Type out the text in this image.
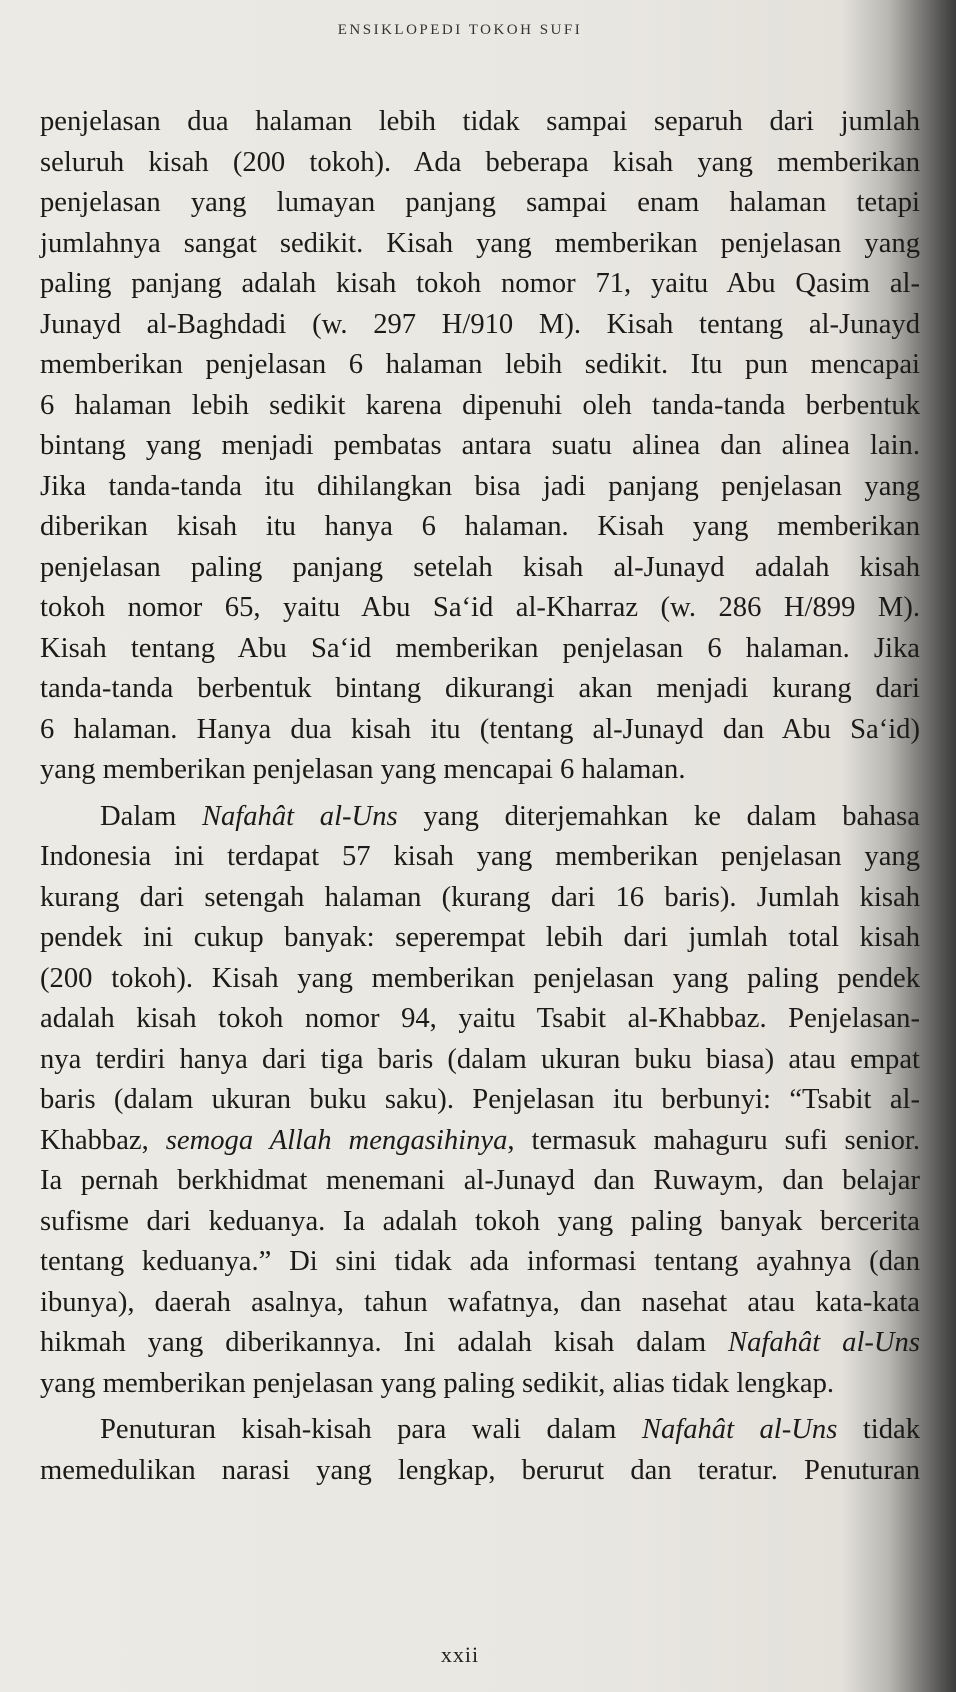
ENSIKLOPEDI TOKOH SUFI

penjelasan dua halaman lebih tidak sampai separuh dari jumlah

seluruh kisah (200 tokoh). Ada beberapa kisah yang memberikan

penjelasan yang lumayan panjang sampai enam halaman tetapi

jumlahnya sangat sedikit. Kisah yang memberikan penjelasan yang

paling panjang adalah kisah tokoh nomor 71, yaitu Abu Qasim al-

Junayd al-Baghdadi (w. 297 H/910 M). Kisah tentang al-Junayd

memberikan penjelasan 6 halaman lebih sedikit. Itu pun mencapai

6 halaman lebih sedikit karena dipenuhi oleh tanda-tanda berbentuk

bintang yang menjadi pembatas antara suatu alinea dan alinea lain.

Jika tanda-tanda itu dihilangkan bisa jadi panjang penjelasan yang

diberikan kisah itu hanya 6 halaman. Kisah yang memberikan

penjelasan paling panjang setelah kisah al-Junayd adalah kisah

tokoh nomor 65, yaitu Abu Sa‘id al-Kharraz (w. 286 H/899 M).

Kisah tentang Abu Sa‘id memberikan penjelasan 6 halaman. Jika

tanda-tanda berbentuk bintang dikurangi akan menjadi kurang dari

6 halaman. Hanya dua kisah itu (tentang al-Junayd dan Abu Sa‘id)

yang memberikan penjelasan yang mencapai 6 halaman.

Dalam Nafahât al-Uns yang diterjemahkan ke dalam bahasa

Indonesia ini terdapat 57 kisah yang memberikan penjelasan yang

kurang dari setengah halaman (kurang dari 16 baris). Jumlah kisah

pendek ini cukup banyak: seperempat lebih dari jumlah total kisah

(200 tokoh). Kisah yang memberikan penjelasan yang paling pendek

adalah kisah tokoh nomor 94, yaitu Tsabit al-Khabbaz. Penjelasan-

nya terdiri hanya dari tiga baris (dalam ukuran buku biasa) atau empat

baris (dalam ukuran buku saku). Penjelasan itu berbunyi: “Tsabit al-

Khabbaz, semoga Allah mengasihinya, termasuk mahaguru sufi senior.

Ia pernah berkhidmat menemani al-Junayd dan Ruwaym, dan belajar

sufisme dari keduanya. Ia adalah tokoh yang paling banyak bercerita

tentang keduanya.” Di sini tidak ada informasi tentang ayahnya (dan

ibunya), daerah asalnya, tahun wafatnya, dan nasehat atau kata-kata

hikmah yang diberikannya. Ini adalah kisah dalam Nafahât al-Uns

yang memberikan penjelasan yang paling sedikit, alias tidak lengkap.

Penuturan kisah-kisah para wali dalam Nafahât al-Uns tidak

memedulikan narasi yang lengkap, berurut dan teratur. Penuturan

xxii
